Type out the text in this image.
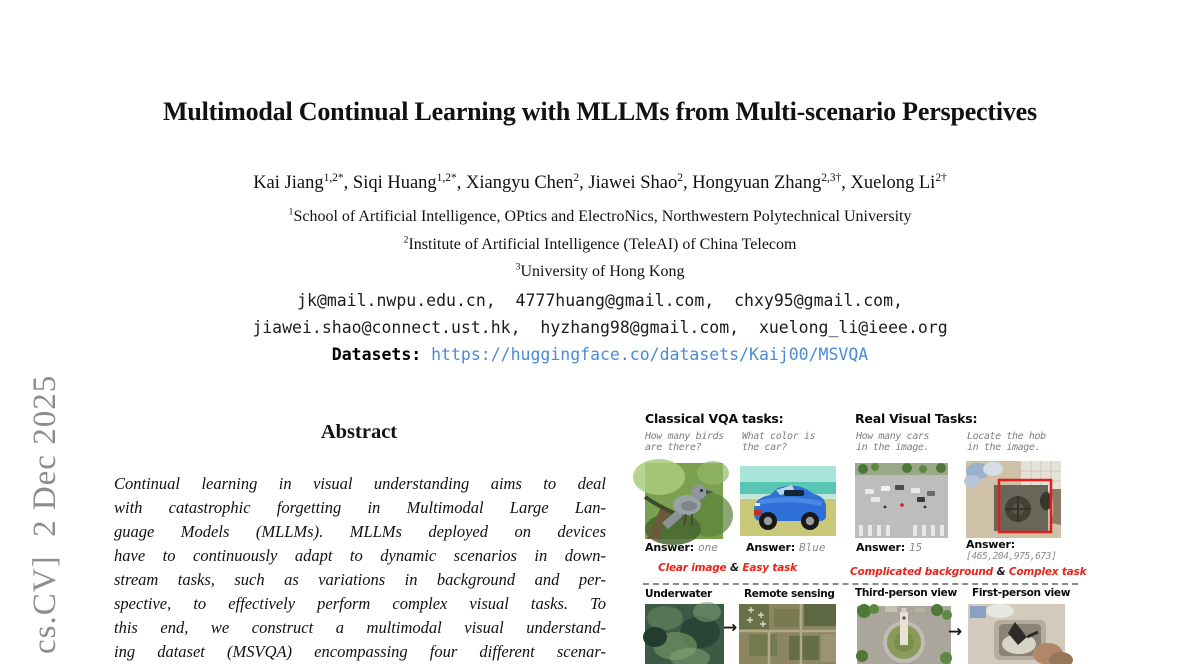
cs.CV]  2 Dec 2025
Multimodal Continual Learning with MLLMs from Multi-scenario Perspectives
Kai Jiang$^{1,2*}$, Siqi Huang$^{1,2*}$, Xiangyu Chen$^2$, Jiawei Shao$^2$, Hongyuan Zhang$^{2,3\dagger}$, Xuelong $Li^{2\dagger}$
$^1$School of Artificial Intelligence, OPtics and ElectroNics, Northwestern Polytechnical University
$^2$Institute of Artificial Intelligence (TeleAI) of China Telecom
$^3$University of Hong Kong
jk@mail.nwpu.edu.cn,  4777huang@gmail.com,  chxy95@gmail.com,
jiawei.shao@connect.ust.hk,  hyzhang98@gmail.com,  xuelong_li@ieee.org
Datasets: https://huggingface.co/datasets/Kaij00/MSVQA
Abstract
Continual learning in visual understanding aims to deal
with catastrophic forgetting in Multimodal Large Lan-
guage Models (MLLMs). MLLMs deployed on devices
have to continuously adapt to dynamic scenarios in down-
stream tasks, such as variations in background and per-
spective, to effectively perform complex visual tasks. To
this end, we construct a multimodal visual understand-
ing dataset (MSVQA) encompassing four different scenar-
Classical VQA tasks:	Real Visual Tasks:
How many birds
are there?
What color is
the car?
How many cars
in the image.
Locate the hob
in the image.
Answer: one	Answer: Blue	Answer: 15	Answer:
[465,204,975,673]
Clear image & Easy task	Complicated background & Complex task
Underwater	Remote sensing Third-person view First-person view
→	→
